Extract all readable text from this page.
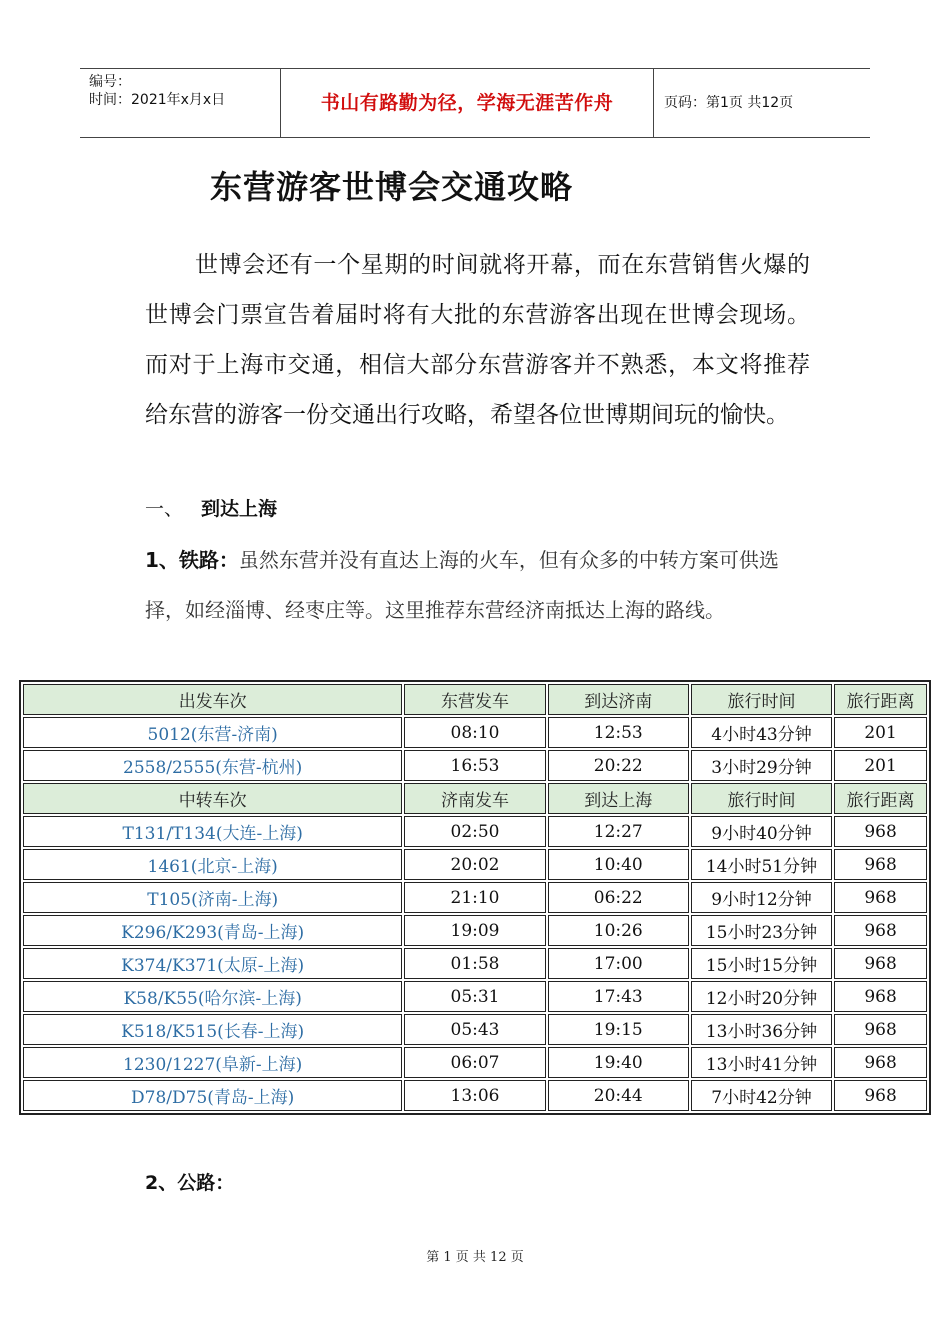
编号：
时间：2021年x月x日	书山有路勤为径，学海无涯苦作舟	页码：第1页 共12页
东营游客世博会交通攻略

世博会还有一个星期的时间就将开幕，而在东营销售火爆的世博会门票宣告着届时将有大批的东营游客出现在世博会现场。而对于上海市交通，相信大部分东营游客并不熟悉，本文将推荐给东营的游客一份交通出行攻略，希望各位世博期间玩的愉快。

一、 到达上海

1、铁路：虽然东营并没有直达上海的火车，但有众多的中转方案可供选择，如经淄博、经枣庄等。这里推荐东营经济南抵达上海的路线。

出发车次	东营发车	到达济南	旅行时间	旅行距离
5012(东营-济南)	08:10	12:53	4小时43分钟	201
2558/2555(东营-杭州)	16:53	20:22	3小时29分钟	201
中转车次	济南发车	到达上海	旅行时间	旅行距离
T131/T134(大连-上海)	02:50	12:27	9小时40分钟	968
1461(北京-上海)	20:02	10:40	14小时51分钟	968
T105(济南-上海)	21:10	06:22	9小时12分钟	968
K296/K293(青岛-上海)	19:09	10:26	15小时23分钟	968
K374/K371(太原-上海)	01:58	17:00	15小时15分钟	968
K58/K55(哈尔滨-上海)	05:31	17:43	12小时20分钟	968
K518/K515(长春-上海)	05:43	19:15	13小时36分钟	968
1230/1227(阜新-上海)	06:07	19:40	13小时41分钟	968
D78/D75(青岛-上海)	13:06	20:44	7小时42分钟	968
2、公路：
第 1 页 共 12 页
